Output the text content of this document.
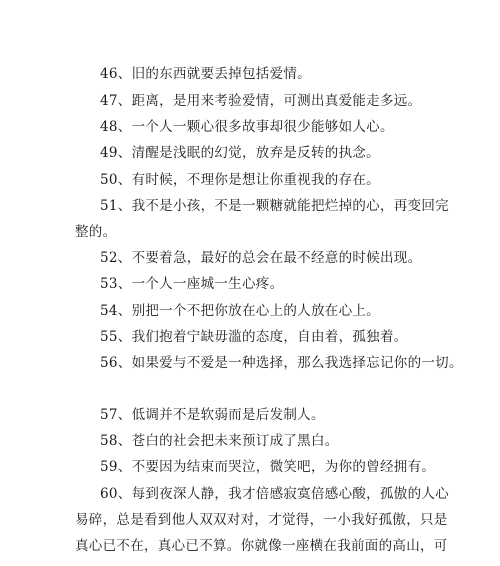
46、旧的东西就要丢掉包括爱情。
47、距离，是用来考验爱情，可测出真爱能走多远。
48、一个人一颗心很多故事却很少能够如人心。
49、清醒是浅眠的幻觉，放弃是反转的执念。
50、有时候，不理你是想让你重视我的存在。
51、我不是小孩，不是一颗糖就能把烂掉的心，再变回完
整的。
52、不要着急，最好的总会在最不经意的时候出现。
53、一个人一座城一生心疼。
54、别把一个不把你放在心上的人放在心上。
55、我们抱着宁缺毋滥的态度，自由着，孤独着。
56、如果爱与不爱是一种选择，那么我选择忘记你的一切。
57、低调并不是软弱而是后发制人。
58、苍白的社会把未来预订成了黑白。
59、不要因为结束而哭泣，微笑吧，为你的曾经拥有。
60、每到夜深人静，我才倍感寂寞倍感心酸，孤傲的人心
易碎，总是看到他人双双对对，才觉得，一小我好孤傲，只是
真心已不在，真心已不算。你就像一座横在我前面的高山，可
